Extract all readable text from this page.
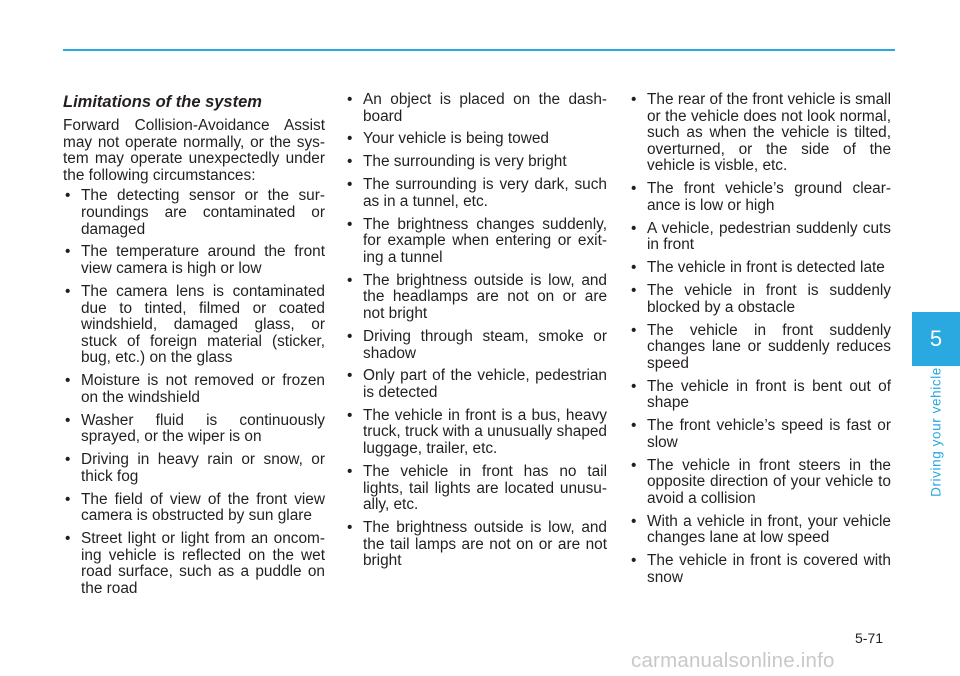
Limitations of the system
Forward Collision-Avoidance Assist may not operate normally, or the sys-tem may operate unexpectedly under the following circumstances:
• The detecting sensor or the sur-roundings are contaminated or damaged
• The temperature around the front view camera is high or low
• The camera lens is contaminated due to tinted, filmed or coated windshield, damaged glass, or stuck of foreign material (sticker, bug, etc.) on the glass
• Moisture is not removed or frozen on the windshield
• Washer fluid is continuously sprayed, or the wiper is on
• Driving in heavy rain or snow, or thick fog
• The field of view of the front view camera is obstructed by sun glare
• Street light or light from an oncom-ing vehicle is reflected on the wet road surface, such as a puddle on the road
• An object is placed on the dash-board
• Your vehicle is being towed
• The surrounding is very bright
• The surrounding is very dark, such as in a tunnel, etc.
• The brightness changes suddenly, for example when entering or exit-ing a tunnel
• The brightness outside is low, and the headlamps are not on or are not bright
• Driving through steam, smoke or shadow
• Only part of the vehicle, pedestrian is detected
• The vehicle in front is a bus, heavy truck, truck with a unusually shaped luggage, trailer, etc.
• The vehicle in front has no tail lights, tail lights are located unusu-ally, etc.
• The brightness outside is low, and the tail lamps are not on or are not bright
• The rear of the front vehicle is small or the vehicle does not look normal, such as when the vehicle is tilted, overturned, or the side of the vehicle is visble, etc.
• The front vehicle’s ground clear-ance is low or high
• A vehicle, pedestrian suddenly cuts in front
• The vehicle in front is detected late
• The vehicle in front is suddenly blocked by a obstacle
• The vehicle in front suddenly changes lane or suddenly reduces speed
• The vehicle in front is bent out of shape
• The front vehicle’s speed is fast or slow
• The vehicle in front steers in the opposite direction of your vehicle to avoid a collision
• With a vehicle in front, your vehicle changes lane at low speed
• The vehicle in front is covered with snow
5
Driving your vehicle
5-71
carmanualsonline.info
